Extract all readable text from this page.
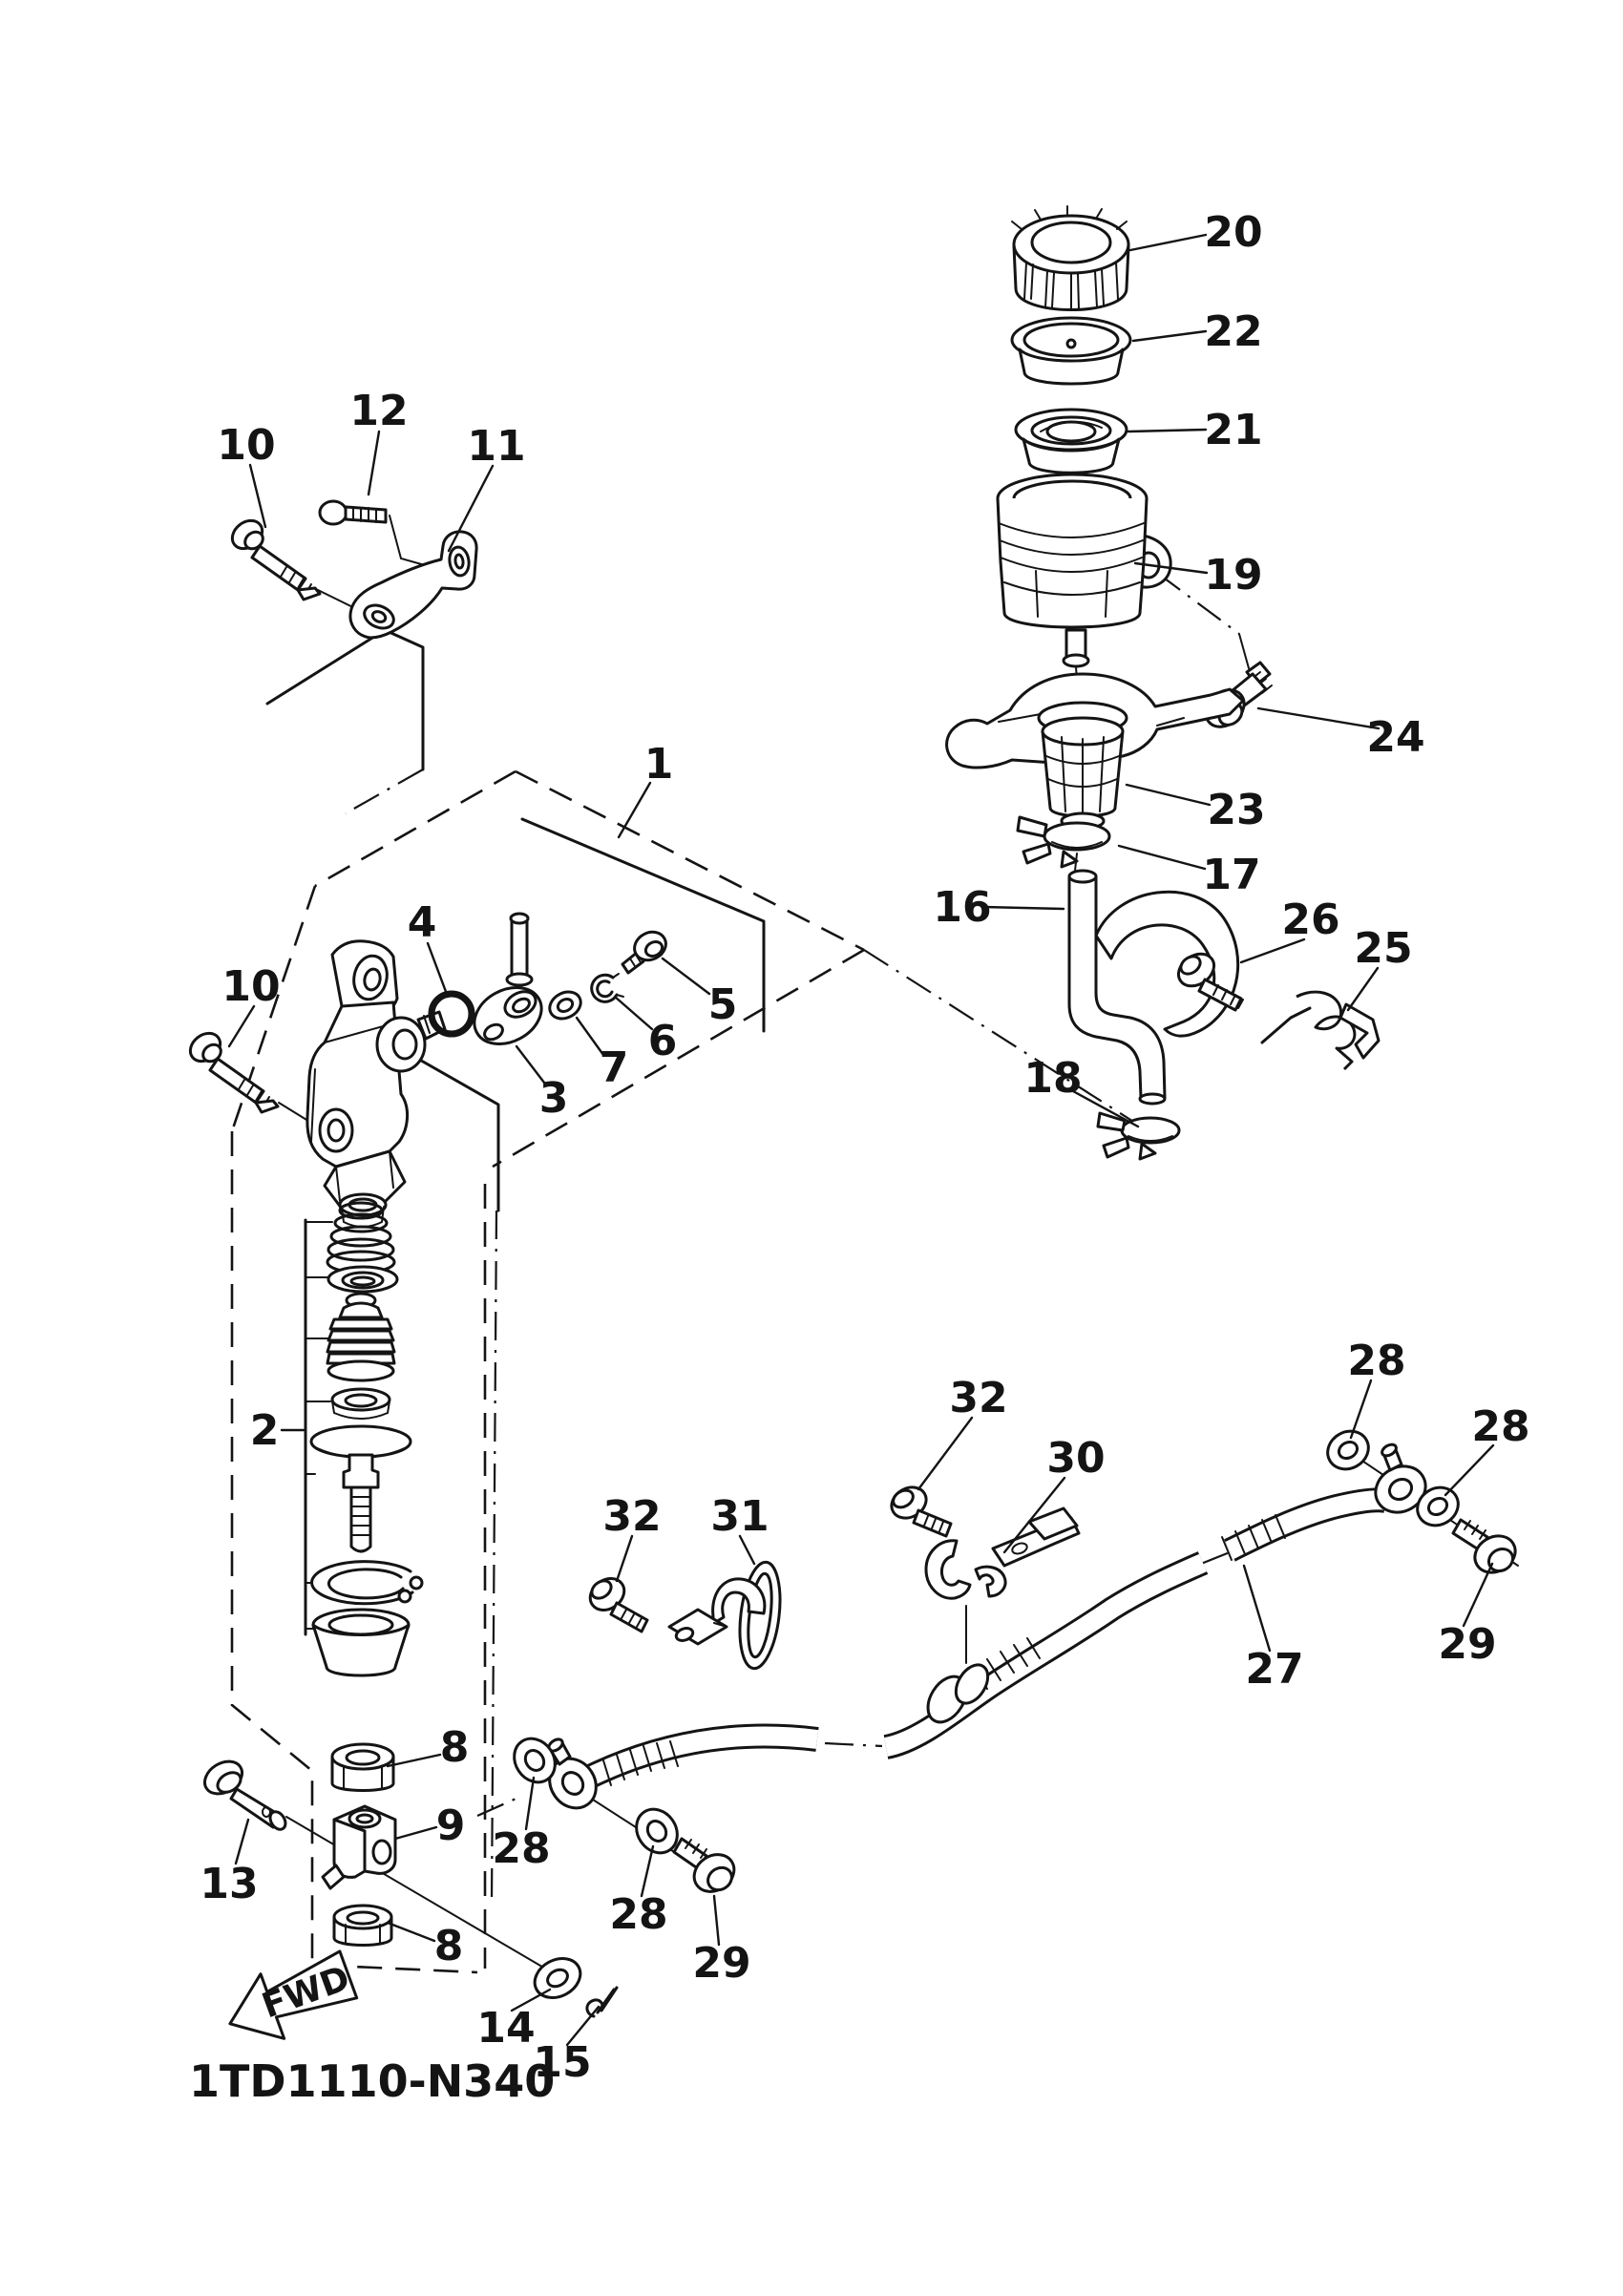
FWD
1TD1110-N340
10
12
11
1
4
5
6
7
3
10
2
20
22
21
19
24
23
17
16	26
25
18
32 31
32
30
28
28
27
29
8
9
13
8
28
28
29
14
15
